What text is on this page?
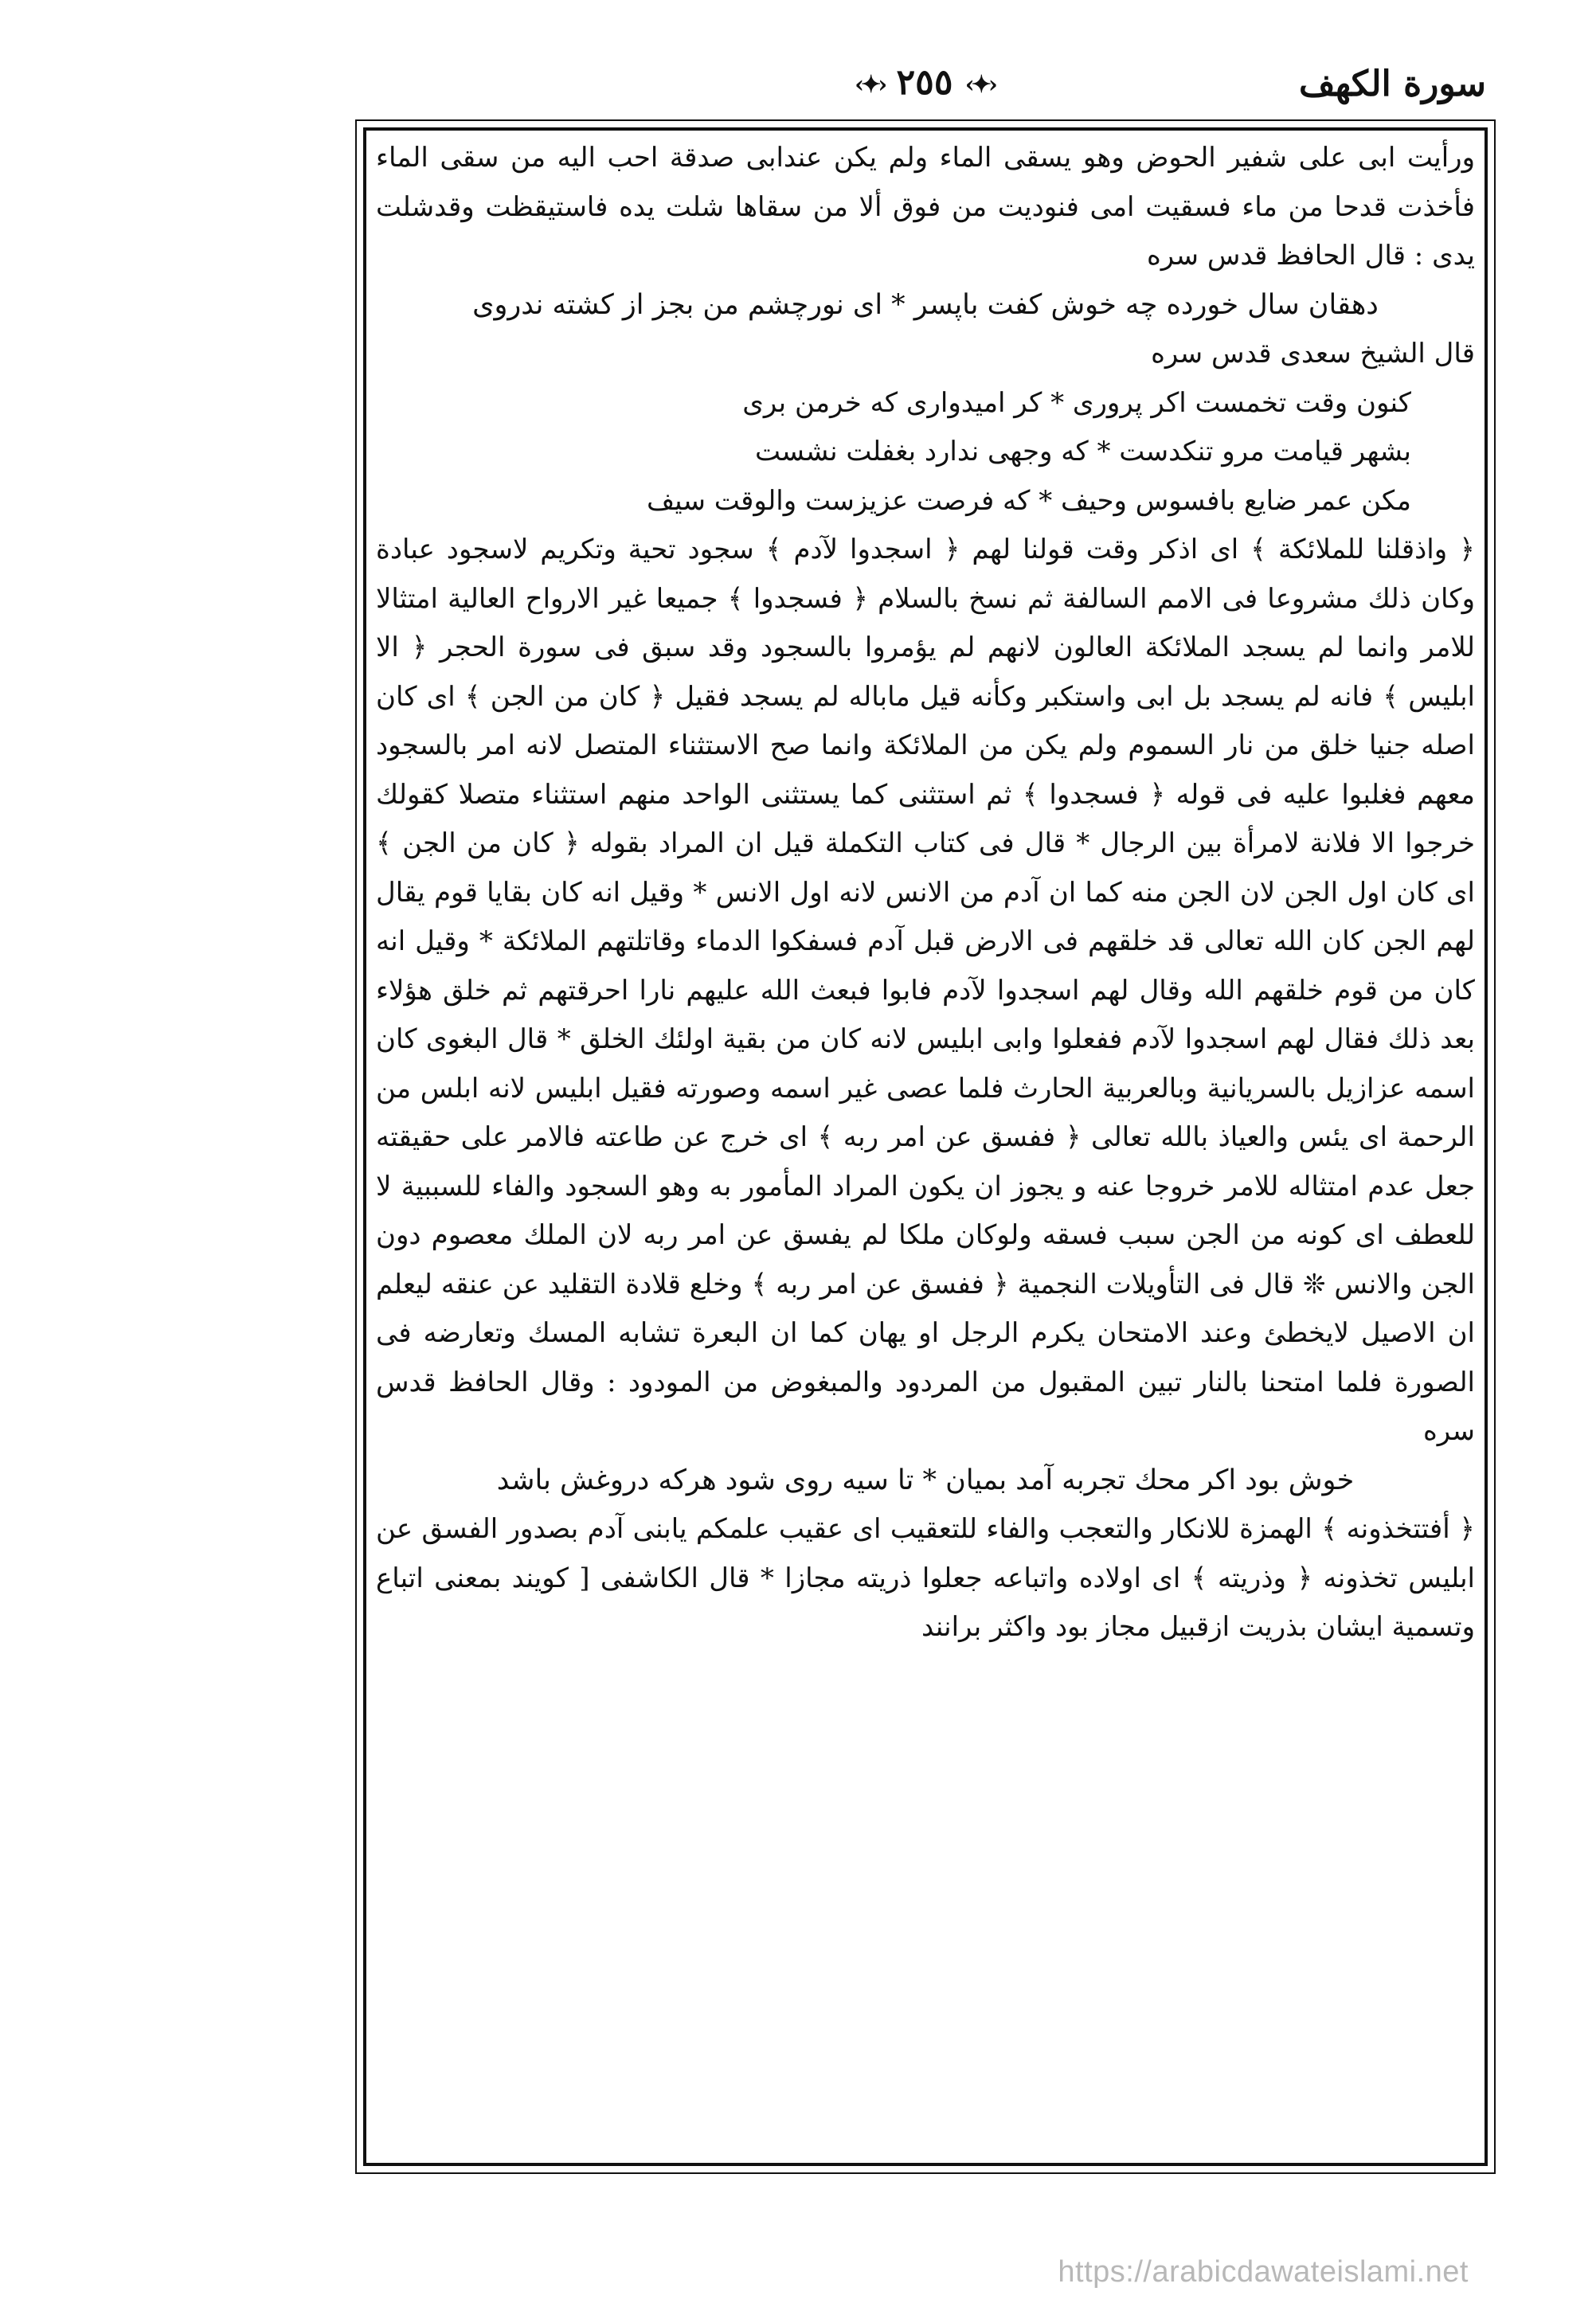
سورة الكهف
‹✦› ٢٥٥ ‹✦›

ورأيت ابى على شفير الحوض وهو يسقى الماء ولم يكن عندابى صدقة احب اليه من سقى الماء فأخذت قدحا من ماء فسقيت امى فنوديت من فوق ألا من سقاها شلت يده فاستيقظت وقدشلت يدى : قال الحافظ قدس سره

دهقان سال خورده چه خوش كفت باپسر * اى نورچشم من بجز از كشته ندروى

قال الشيخ سعدى قدس سره

كنون وقت تخمست اكر پرورى * كر اميدوارى كه خرمن برى

بشهر قيامت مرو تنكدست * كه وجهى ندارد بغفلت نشست

مكن عمر ضايع بافسوس وحيف * كه فرصت عزيزست والوقت سيف

﴿ واذقلنا للملائكة ﴾ اى اذكر وقت قولنا لهم ﴿ اسجدوا لآدم ﴾ سجود تحية وتكريم لاسجود عبادة وكان ذلك مشروعا فى الامم السالفة ثم نسخ بالسلام ﴿ فسجدوا ﴾ جميعا غير الارواح العالية امتثالا للامر وانما لم يسجد الملائكة العالون لانهم لم يؤمروا بالسجود وقد سبق فى سورة الحجر ﴿ الا ابليس ﴾ فانه لم يسجد بل ابى واستكبر وكأنه قيل ماباله لم يسجد فقيل ﴿ كان من الجن ﴾ اى كان اصله جنيا خلق من نار السموم ولم يكن من الملائكة وانما صح الاستثناء المتصل لانه امر بالسجود معهم فغلبوا عليه فى قوله ﴿ فسجدوا ﴾ ثم استثنى كما يستثنى الواحد منهم استثناء متصلا كقولك خرجوا الا فلانة لامرأة بين الرجال * قال فى كتاب التكملة قيل ان المراد بقوله ﴿ كان من الجن ﴾ اى كان اول الجن لان الجن منه كما ان آدم من الانس لانه اول الانس * وقيل انه كان بقايا قوم يقال لهم الجن كان الله تعالى قد خلقهم فى الارض قبل آدم فسفكوا الدماء وقاتلتهم الملائكة * وقيل انه كان من قوم خلقهم الله وقال لهم اسجدوا لآدم فابوا فبعث الله عليهم نارا احرقتهم ثم خلق هؤلاء بعد ذلك فقال لهم اسجدوا لآدم ففعلوا وابى ابليس لانه كان من بقية اولئك الخلق * قال البغوى كان اسمه عزازيل بالسريانية وبالعربية الحارث فلما عصى غير اسمه وصورته فقيل ابليس لانه ابلس من الرحمة اى يئس والعياذ بالله تعالى ﴿ ففسق عن امر ربه ﴾ اى خرج عن طاعته فالامر على حقيقته جعل عدم امتثاله للامر خروجا عنه و يجوز ان يكون المراد المأمور به وهو السجود والفاء للسببية لا للعطف اى كونه من الجن سبب فسقه ولوكان ملكا لم يفسق عن امر ربه لان الملك معصوم دون الجن والانس ❊ قال فى التأويلات النجمية ﴿ ففسق عن امر ربه ﴾ وخلع قلادة التقليد عن عنقه ليعلم ان الاصيل لايخطئ وعند الامتحان يكرم الرجل او يهان كما ان البعرة تشابه المسك وتعارضه فى الصورة فلما امتحنا بالنار تبين المقبول من المردود والمبغوض من المودود : وقال الحافظ قدس سره

خوش بود اكر محك تجربه آمد بميان * تا سيه روى شود هركه دروغش باشد

﴿ أفتتخذونه ﴾ الهمزة للانكار والتعجب والفاء للتعقيب اى عقيب علمكم يابنى آدم بصدور الفسق عن ابليس تخذونه ﴿ وذريته ﴾ اى اولاده واتباعه جعلوا ذريته مجازا * قال الكاشفى [ كويند بمعنى اتباع وتسمية ايشان بذريت ازقبيل مجاز بود واكثر برانند

https://arabicdawateislami.net
